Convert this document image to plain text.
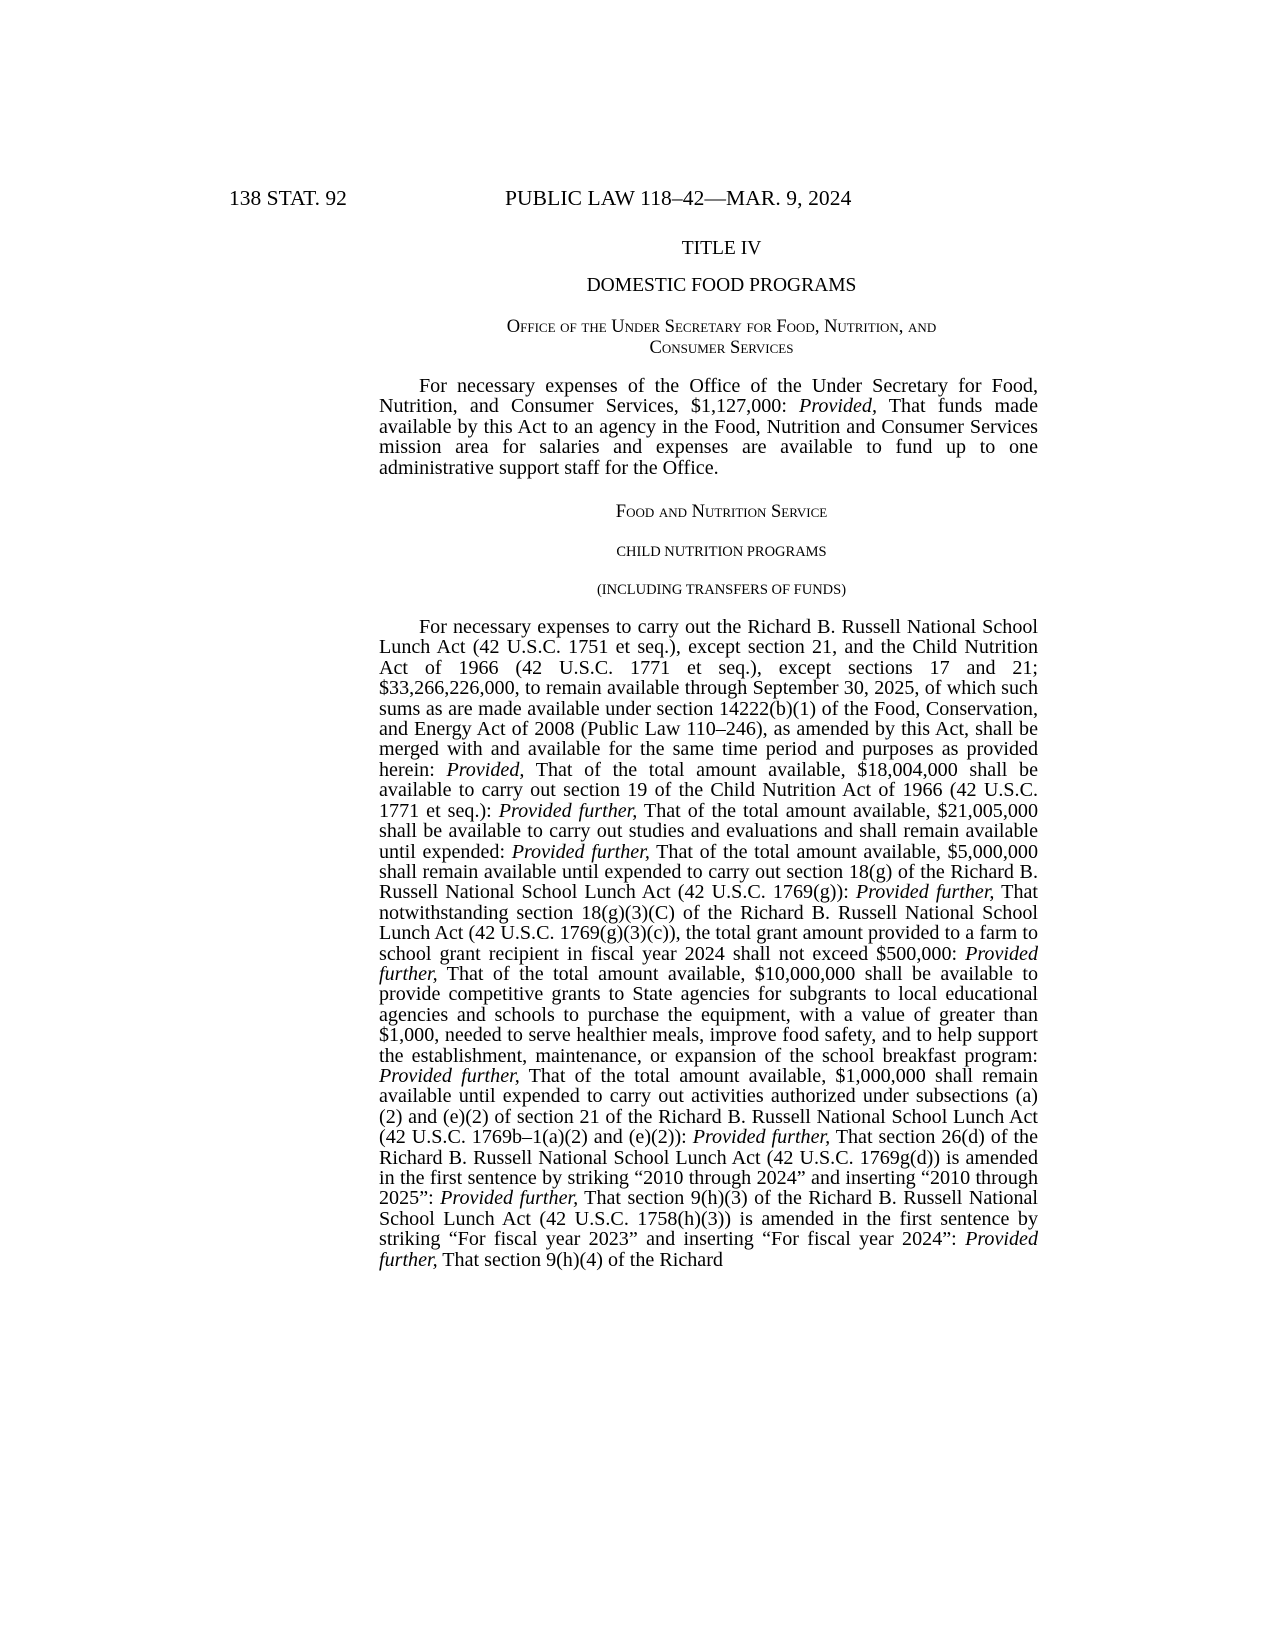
138 STAT. 92	PUBLIC LAW 118–42—MAR. 9, 2024

TITLE IV

DOMESTIC FOOD PROGRAMS

Office of the Under Secretary for Food, Nutrition, and
Consumer Services

For necessary expenses of the Office of the Under Secretary for Food, Nutrition, and Consumer Services, $1,127,000: Provided, That funds made available by this Act to an agency in the Food, Nutrition and Consumer Services mission area for salaries and expenses are available to fund up to one administrative support staff for the Office.

Food and Nutrition Service

CHILD NUTRITION PROGRAMS

(INCLUDING TRANSFERS OF FUNDS)

For necessary expenses to carry out the Richard B. Russell National School Lunch Act (42 U.S.C. 1751 et seq.), except section 21, and the Child Nutrition Act of 1966 (42 U.S.C. 1771 et seq.), except sections 17 and 21; $33,266,226,000, to remain available through September 30, 2025, of which such sums as are made available under section 14222(b)(1) of the Food, Conservation, and Energy Act of 2008 (Public Law 110–246), as amended by this Act, shall be merged with and available for the same time period and purposes as provided herein: Provided, That of the total amount available, $18,004,000 shall be available to carry out section 19 of the Child Nutrition Act of 1966 (42 U.S.C. 1771 et seq.): Provided further, That of the total amount available, $21,005,000 shall be available to carry out studies and evaluations and shall remain available until expended: Provided further, That of the total amount available, $5,000,000 shall remain available until expended to carry out section 18(g) of the Richard B. Russell National School Lunch Act (42 U.S.C. 1769(g)): Provided further, That notwithstanding section 18(g)(3)(C) of the Richard B. Russell National School Lunch Act (42 U.S.C. 1769(g)(3)(c)), the total grant amount provided to a farm to school grant recipient in fiscal year 2024 shall not exceed $500,000: Provided further, That of the total amount available, $10,000,000 shall be available to provide competitive grants to State agencies for subgrants to local educational agencies and schools to purchase the equipment, with a value of greater than $1,000, needed to serve healthier meals, improve food safety, and to help support the establishment, maintenance, or expansion of the school breakfast program: Provided further, That of the total amount available, $1,000,000 shall remain available until expended to carry out activities authorized under subsections (a)(2) and (e)(2) of section 21 of the Richard B. Russell National School Lunch Act (42 U.S.C. 1769b–1(a)(2) and (e)(2)): Provided further, That section 26(d) of the Richard B. Russell National School Lunch Act (42 U.S.C. 1769g(d)) is amended in the first sentence by striking “2010 through 2024” and inserting “2010 through 2025”: Provided further, That section 9(h)(3) of the Richard B. Russell National School Lunch Act (42 U.S.C. 1758(h)(3)) is amended in the first sentence by striking “For fiscal year 2023” and inserting “For fiscal year 2024”: Provided further, That section 9(h)(4) of the Richard
